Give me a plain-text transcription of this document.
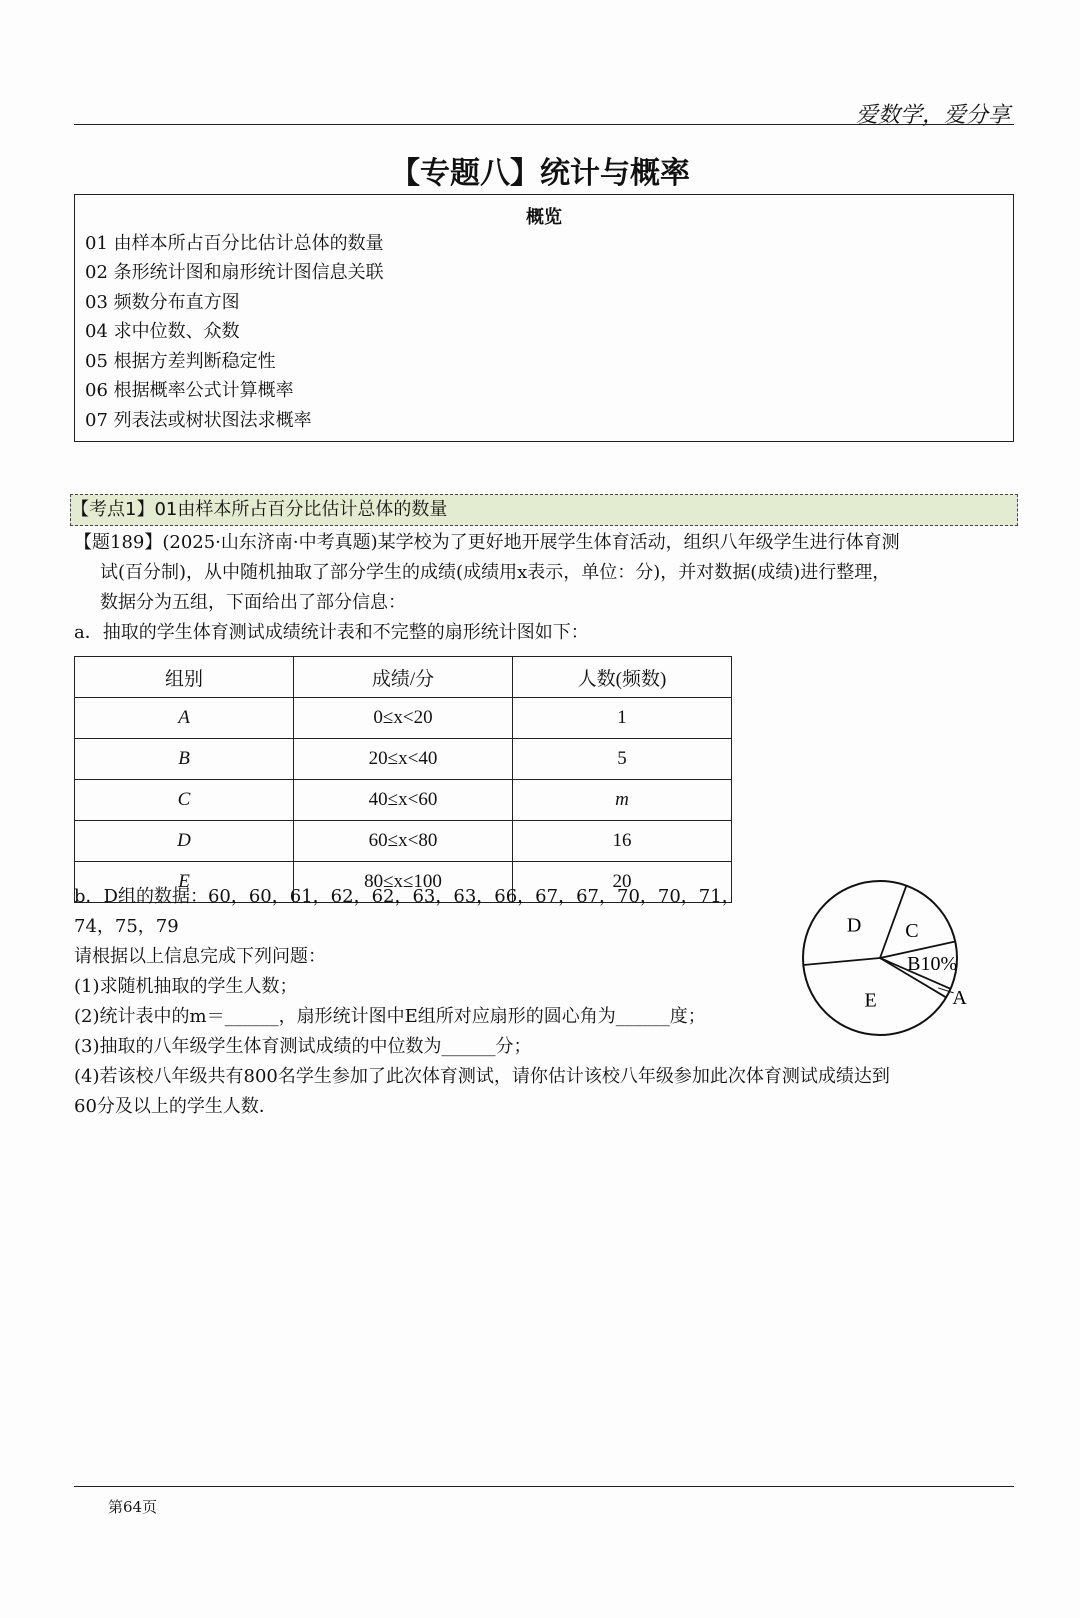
爱数学，爱分享
【专题八】统计与概率
概览
01 由样本所占百分比估计总体的数量
02 条形统计图和扇形统计图信息关联
03 频数分布直方图
04 求中位数、众数
05 根据方差判断稳定性
06 根据概率公式计算概率
07 列表法或树状图法求概率
【考点1】01由样本所占百分比估计总体的数量
【题189】(2025·山东济南·中考真题)某学校为了更好地开展学生体育活动，组织八年级学生进行体育测
试(百分制)，从中随机抽取了部分学生的成绩(成绩用x表示，单位：分)，并对数据(成绩)进行整理，
数据分为五组，下面给出了部分信息：
a．抽取的学生体育测试成绩统计表和不完整的扇形统计图如下：
组别	成绩/分	人数(频数)
A	0≤x<20	1
B	20≤x<40	5
C	40≤x<60	m
D	60≤x<80	16
E	80≤x≤100	20
b．D组的数据：60，60，61，62，62，63，63，66，67，67，70，70，71，
74，75，79
请根据以上信息完成下列问题：
(1)求随机抽取的学生人数；
(2)统计表中的m＝______，扇形统计图中E组所对应扇形的圆心角为______度；
(3)抽取的八年级学生体育测试成绩的中位数为______分；
(4)若该校八年级共有800名学生参加了此次体育测试，请你估计该校八年级参加此次体育测试成绩达到
60分及以上的学生人数．
C
B10%
A
E
D
第64页
